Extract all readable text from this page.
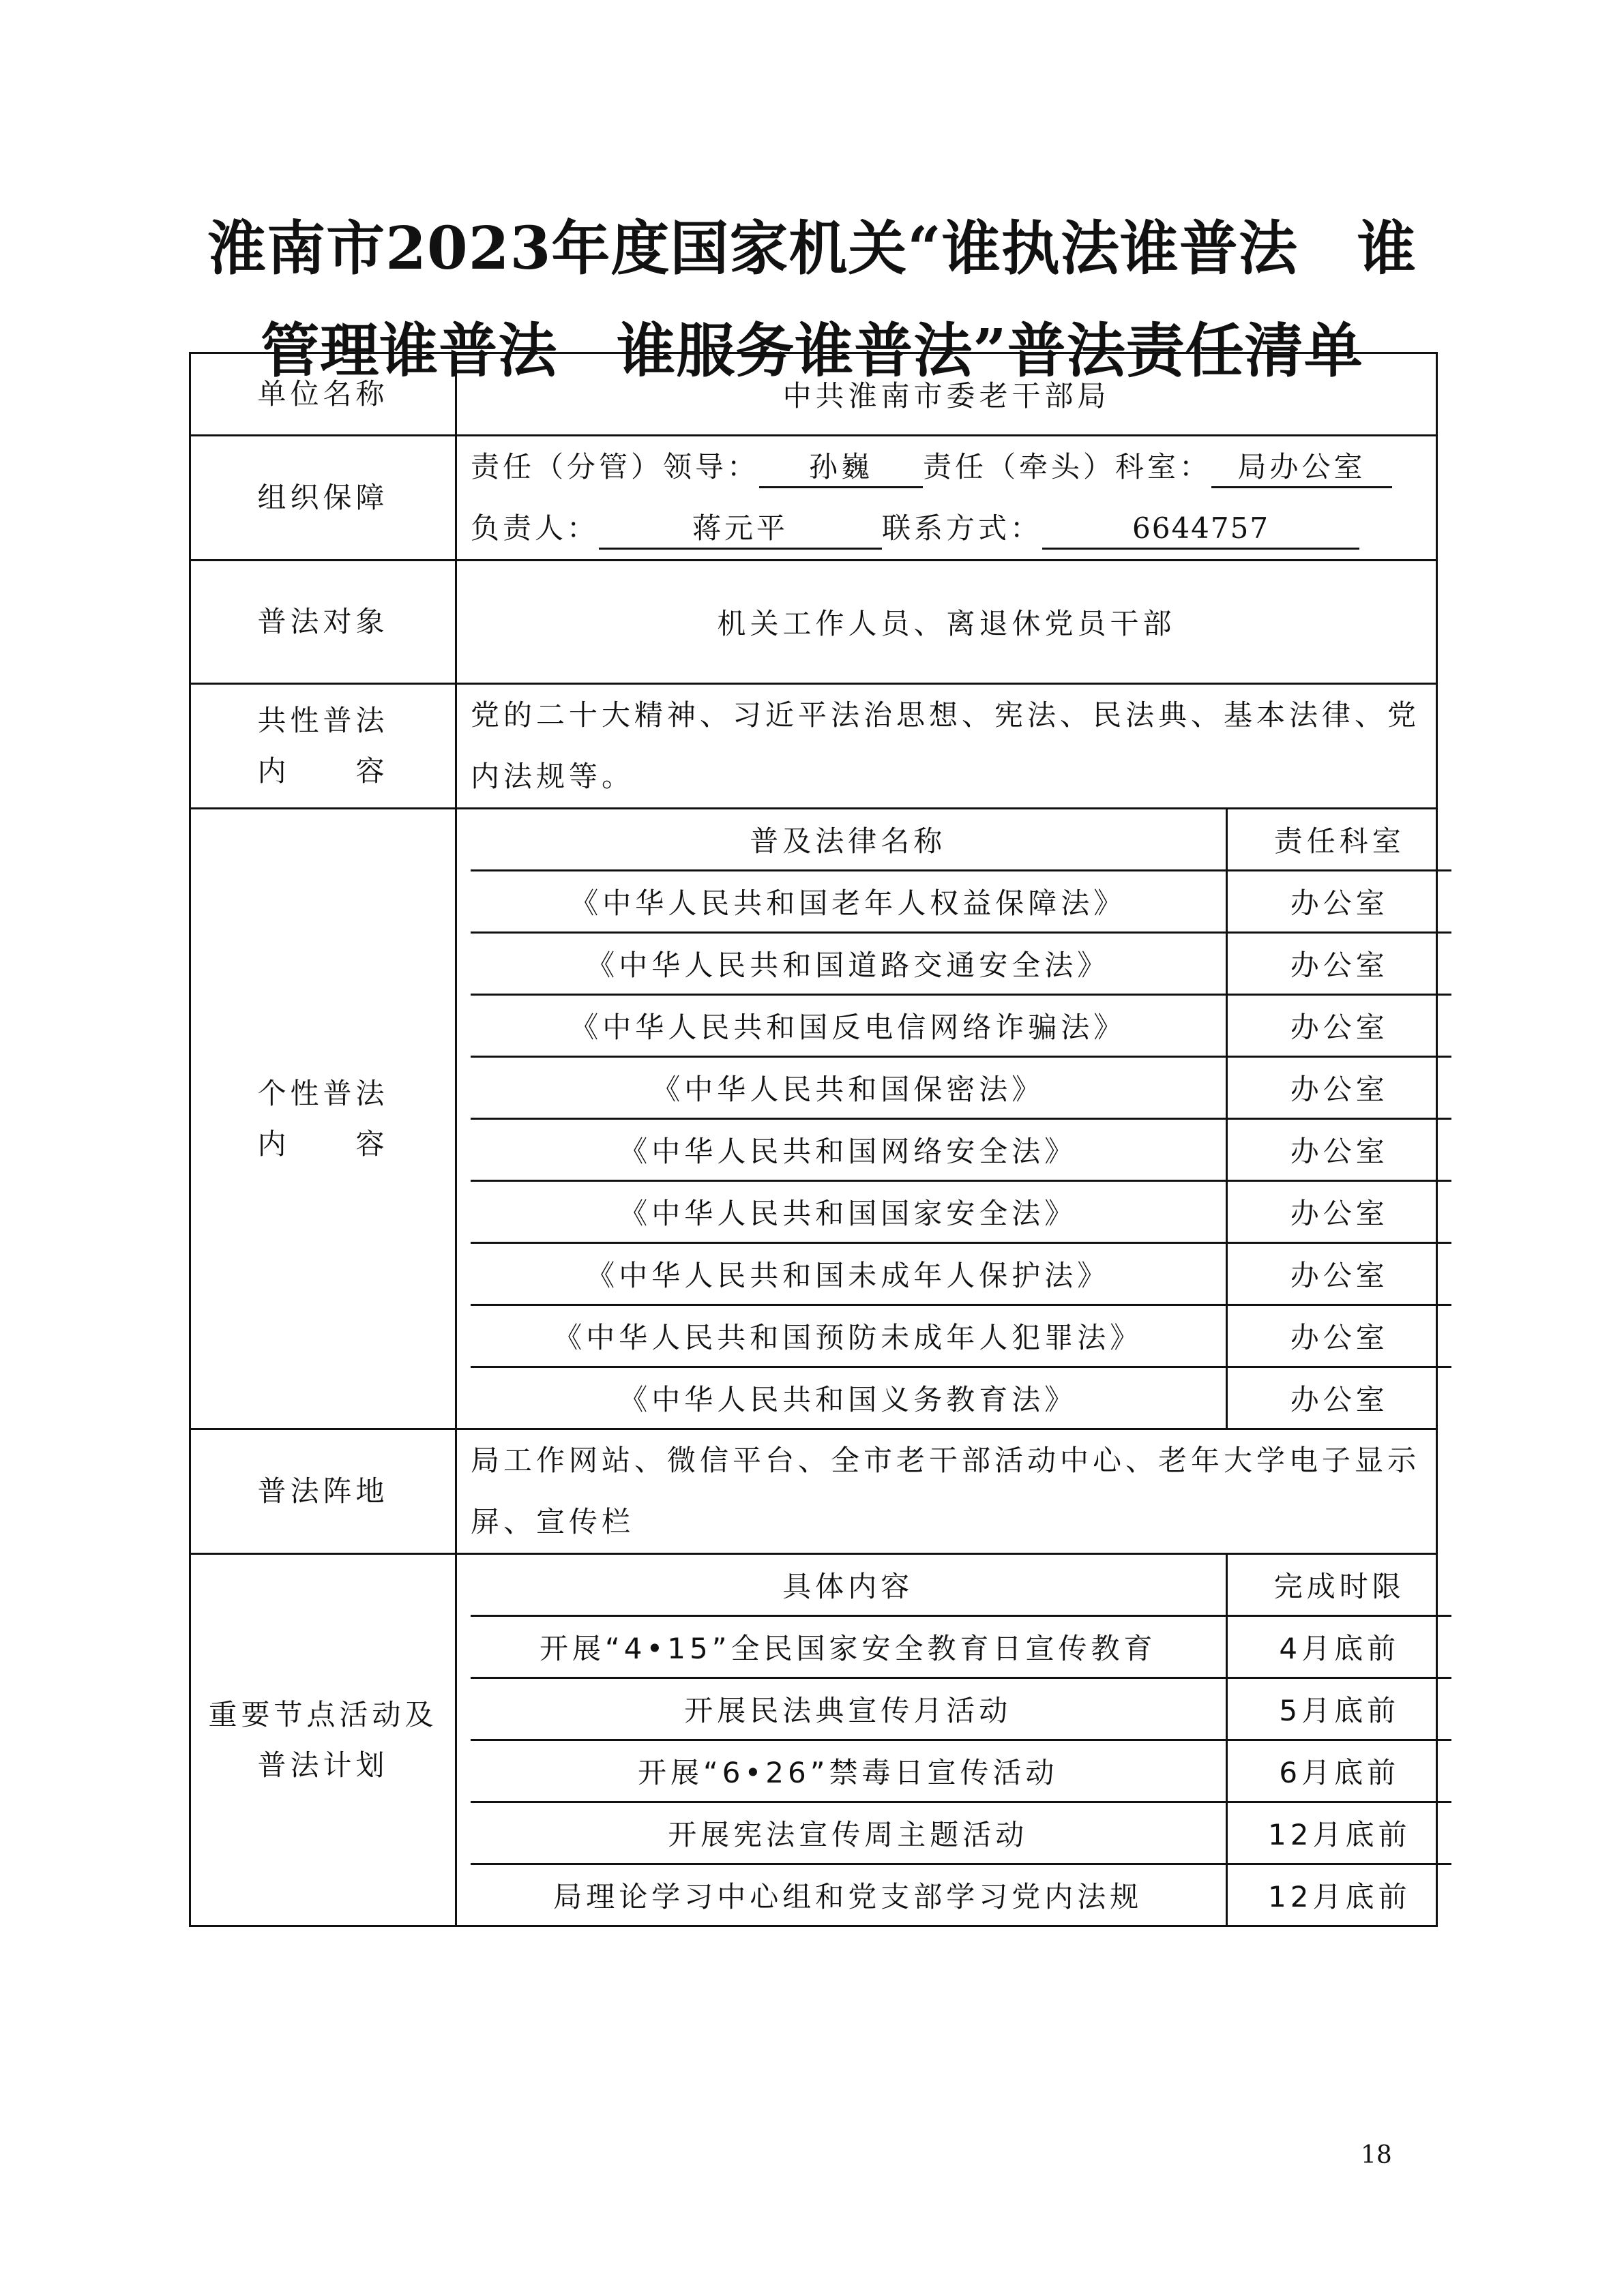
淮南市2023年度国家机关“谁执法谁普法　谁
管理谁普法　谁服务谁普法”普法责任清单
单位名称	中共淮南市委老干部局
组织保障	
责任（分管）领导： 孙巍 责任（牵头）科室： 局办公室
负责人：	蒋元平	联系方式：	6644757

普法对象	机关工作人员、离退休党员干部

共性普法
内　　容
	党的二十大精神、习近平法治思想、宪法、民法典、基本法律、党内法规等。

个性普法
内　　容

普及法律名称	责任科室
《中华人民共和国老年人权益保障法》	办公室
《中华人民共和国道路交通安全法》	办公室
《中华人民共和国反电信网络诈骗法》	办公室
《中华人民共和国保密法》	办公室
《中华人民共和国网络安全法》	办公室
《中华人民共和国国家安全法》	办公室
《中华人民共和国未成年人保护法》	办公室
《中华人民共和国预防未成年人犯罪法》	办公室
《中华人民共和国义务教育法》	办公室

普法阵地	局工作网站、微信平台、全市老干部活动中心、老年大学电子显示屏、宣传栏

重要节点活动及
普法计划

具体内容	完成时限
开展“4•15”全民国家安全教育日宣传教育	4月底前
开展民法典宣传月活动	5月底前
开展“6•26”禁毒日宣传活动	6月底前
开展宪法宣传周主题活动	12月底前
局理论学习中心组和党支部学习党内法规	12月底前
18
